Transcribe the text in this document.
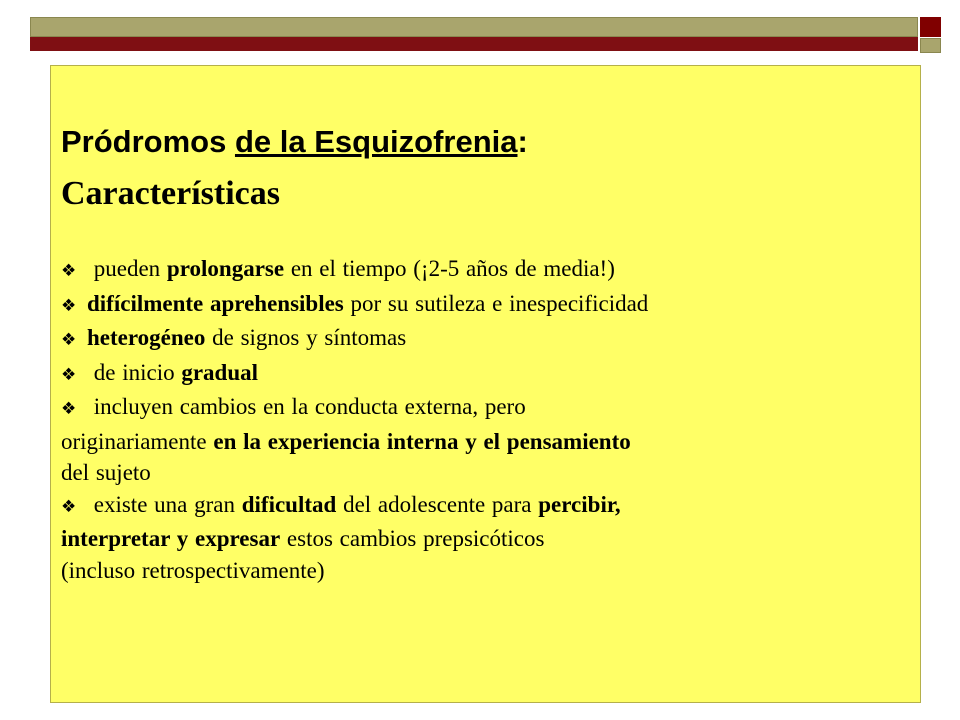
Pródromos de la Esquizofrenia:
Características
❖ pueden prolongarse en el tiempo (¡2-5 años de media!)
❖ difícilmente aprehensibles por su sutileza e inespecificidad
❖ heterogéneo de signos y síntomas
❖ de inicio gradual
❖ incluyen cambios en la conducta externa, pero
originariamente en la experiencia interna y el pensamiento
del sujeto
❖ existe una gran dificultad del adolescente para percibir,
interpretar y expresar estos cambios prepsicóticos
(incluso retrospectivamente)
